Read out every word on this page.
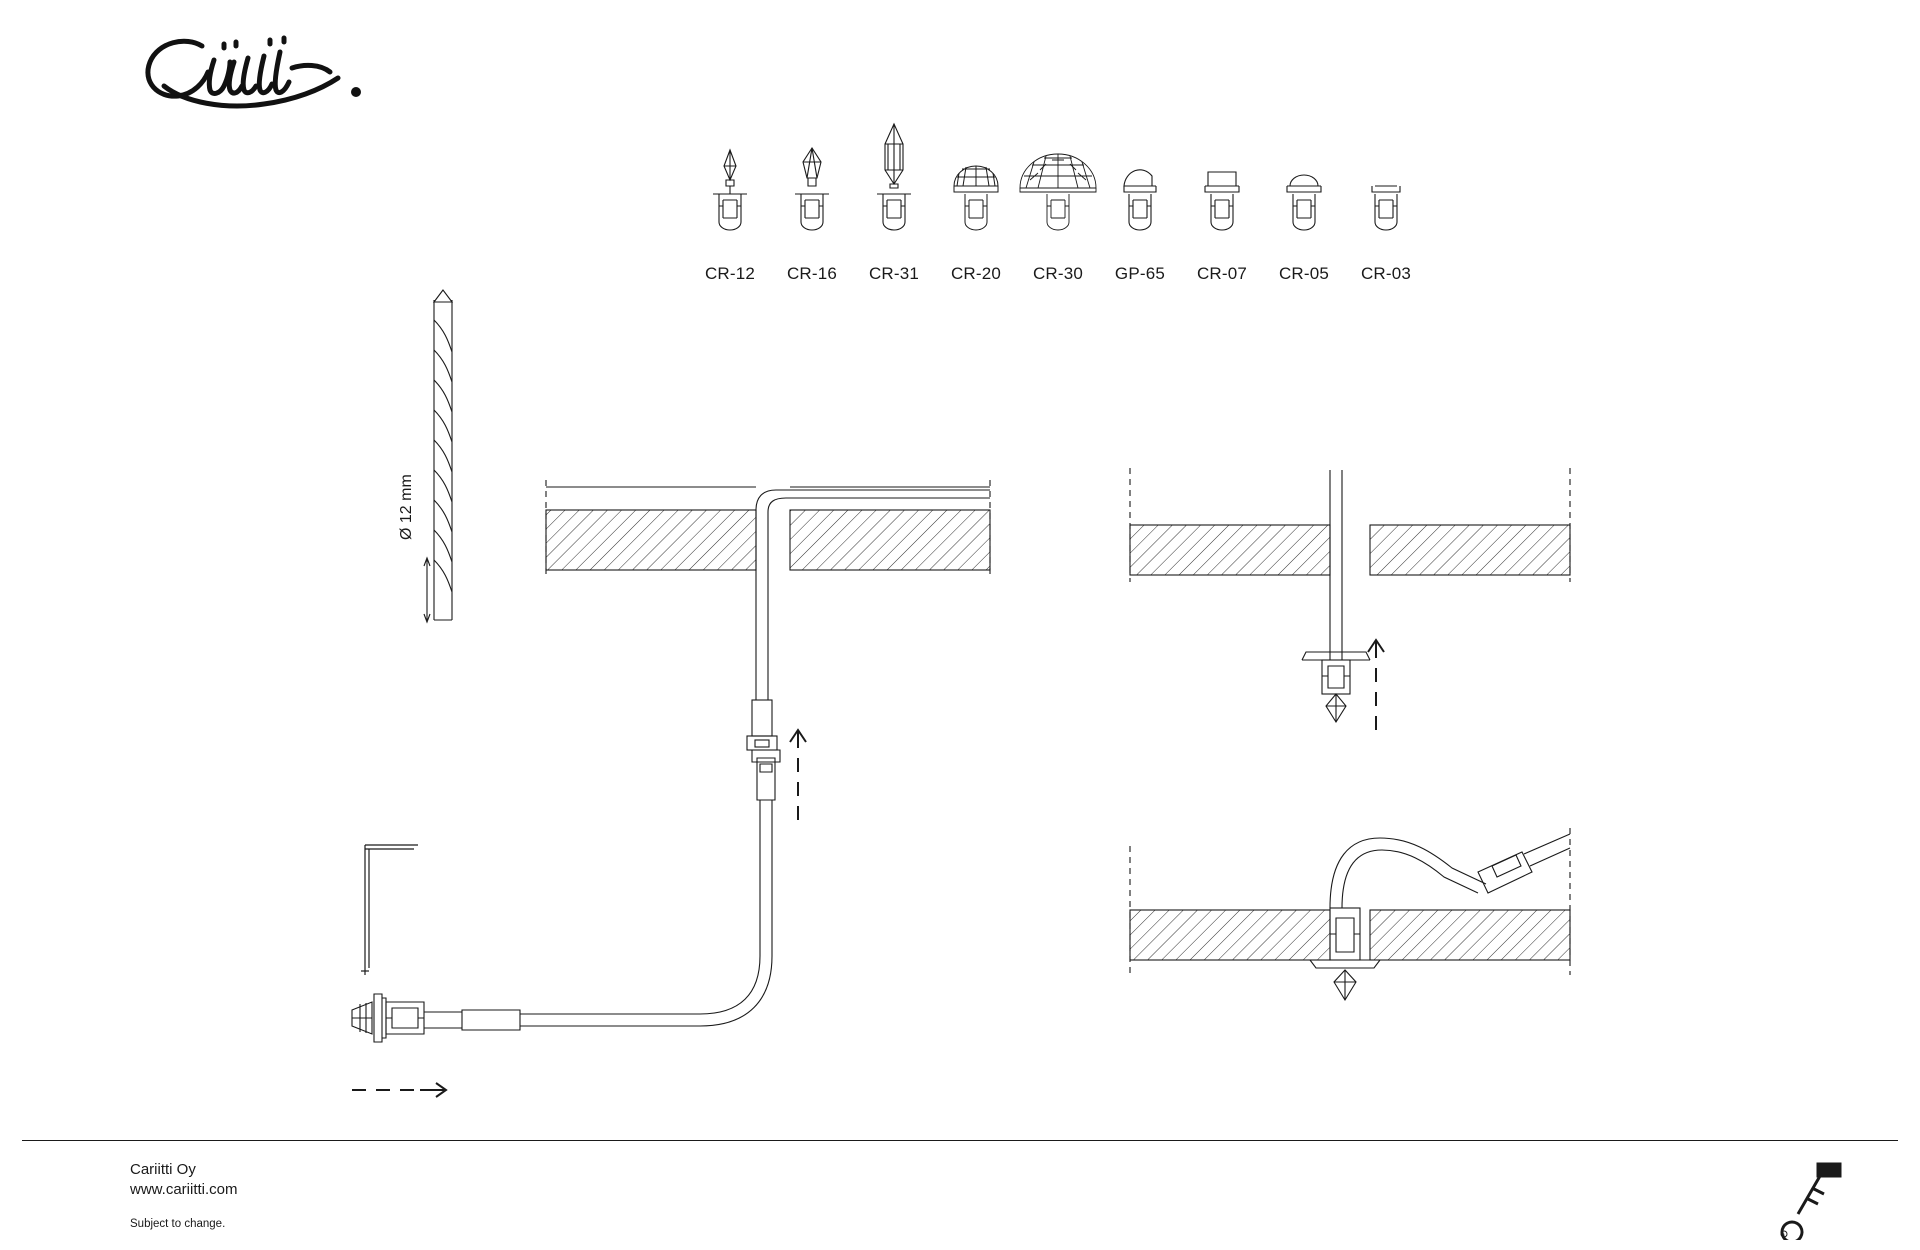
CR-12	CR-16	CR-31	CR-20	CR-30	GP-65	CR-07	CR-05	CR-03
Ø 12 mm
Cariitti Oy
www.cariitti.com
Subject to change.
®
